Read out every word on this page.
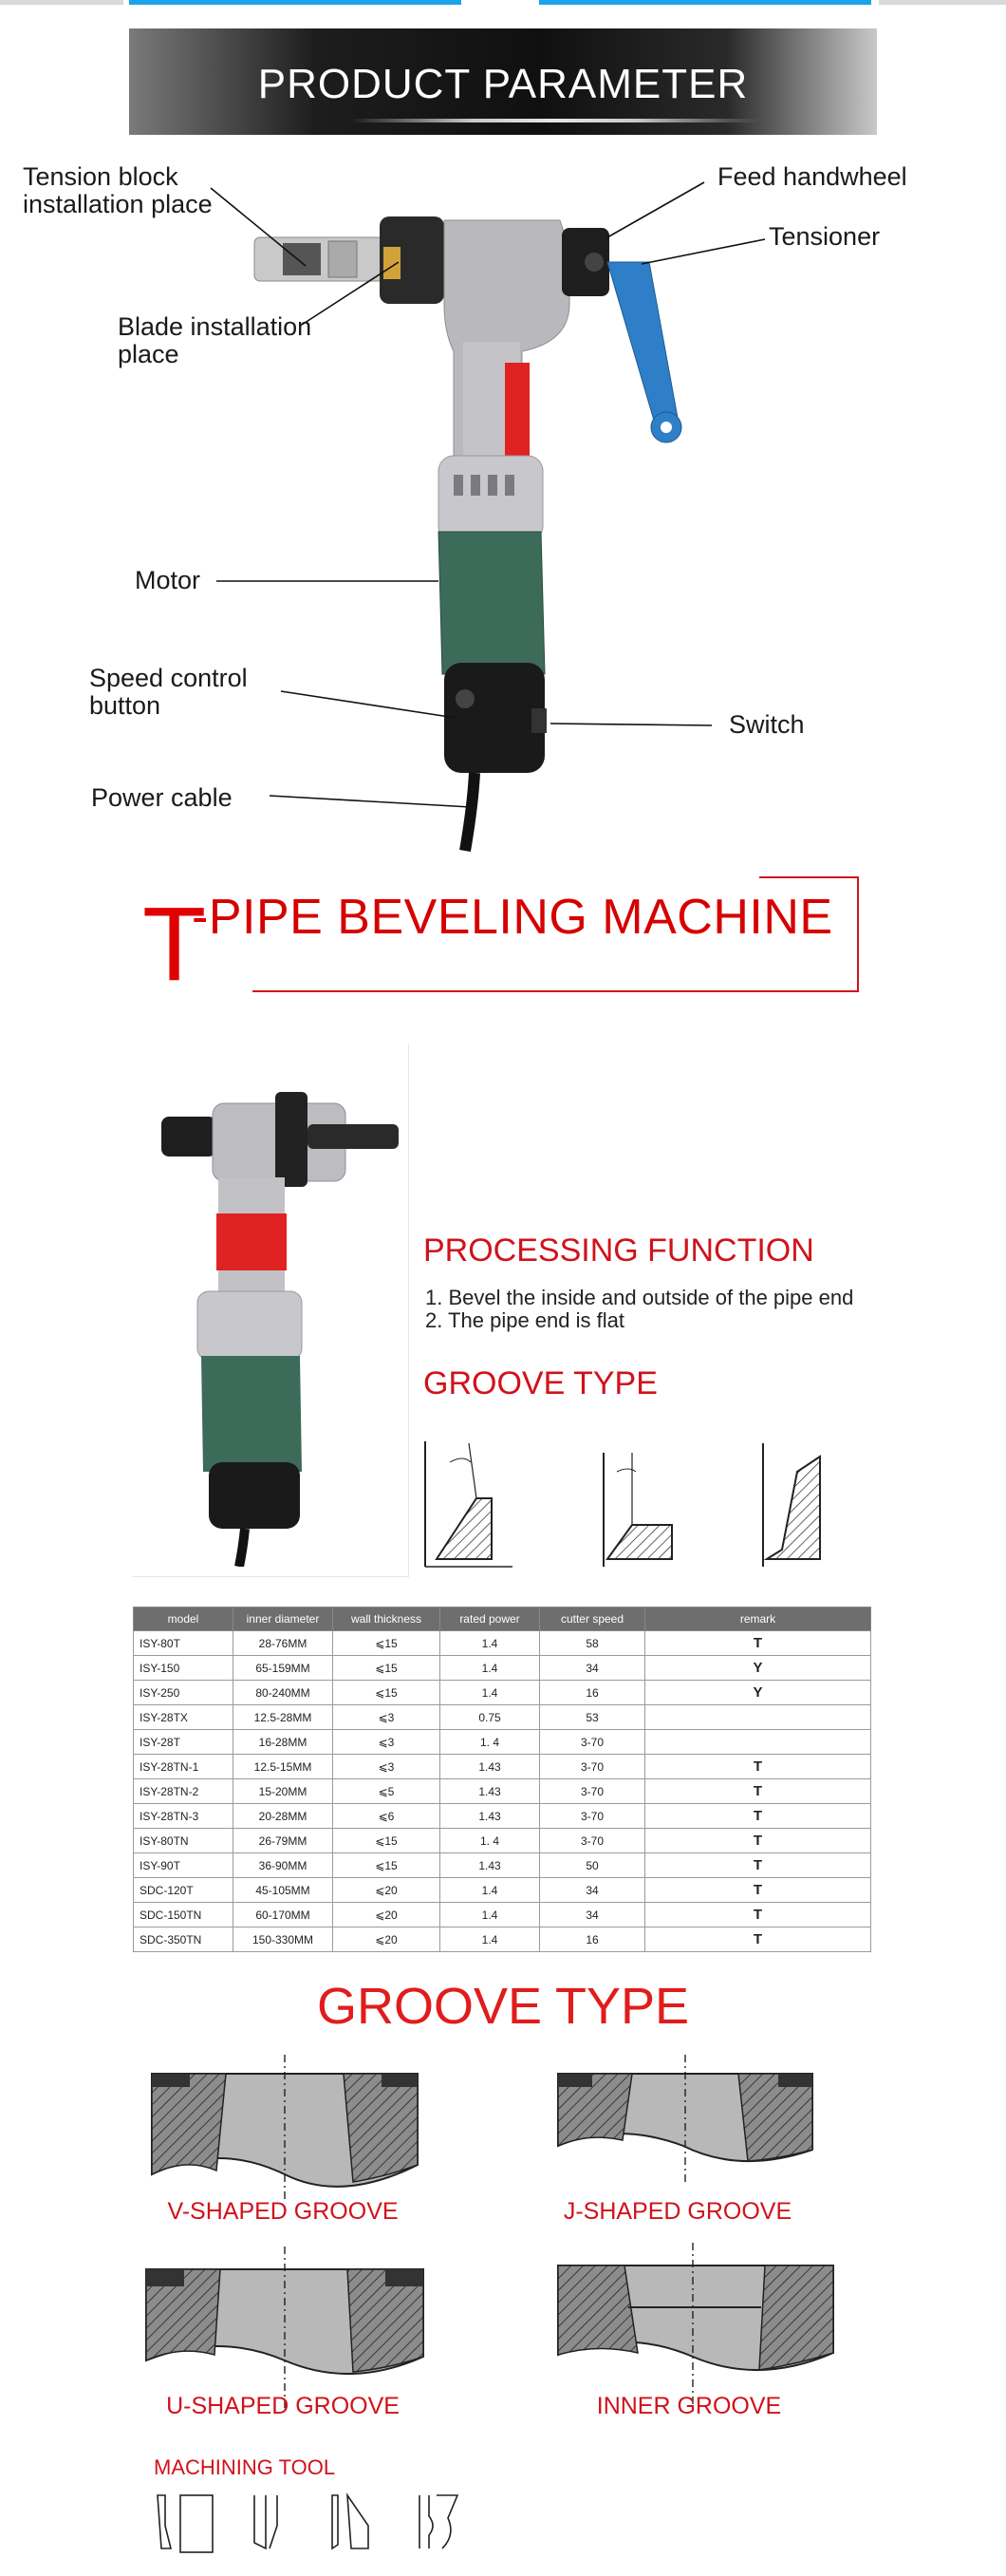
PRODUCT PARAMETER
Tension block installation place
Feed handwheel
Tensioner
Blade installation place
Motor
Speed control button
Switch
Power cable
T
-PIPE BEVELING MACHINE
PROCESSING FUNCTION
1. Bevel the inside and outside of the pipe end
2. The pipe end is flat
GROOVE TYPE
model	inner diameter	wall thickness	rated power	cutter speed	remark
ISY-80T	28-76MM	⩽15	1.4	58	T
ISY-150	65-159MM	⩽15	1.4	34	Y
ISY-250	80-240MM	⩽15	1.4	16	Y
ISY-28TX	12.5-28MM	⩽3	0.75	53	
ISY-28T	16-28MM	⩽3	1. 4	3-70	
ISY-28TN-1	12.5-15MM	⩽3	1.43	3-70	T
ISY-28TN-2	15-20MM	⩽5	1.43	3-70	T
ISY-28TN-3	20-28MM	⩽6	1.43	3-70	T
ISY-80TN	26-79MM	⩽15	1. 4	3-70	T
ISY-90T	36-90MM	⩽15	1.43	50	T
SDC-120T	45-105MM	⩽20	1.4	34	T
SDC-150TN	60-170MM	⩽20	1.4	34	T
SDC-350TN	150-330MM	⩽20	1.4	16	T
GROOVE TYPE
V-SHAPED GROOVE	J-SHAPED GROOVE
U-SHAPED GROOVE	INNER GROOVE
MACHINING TOOL
